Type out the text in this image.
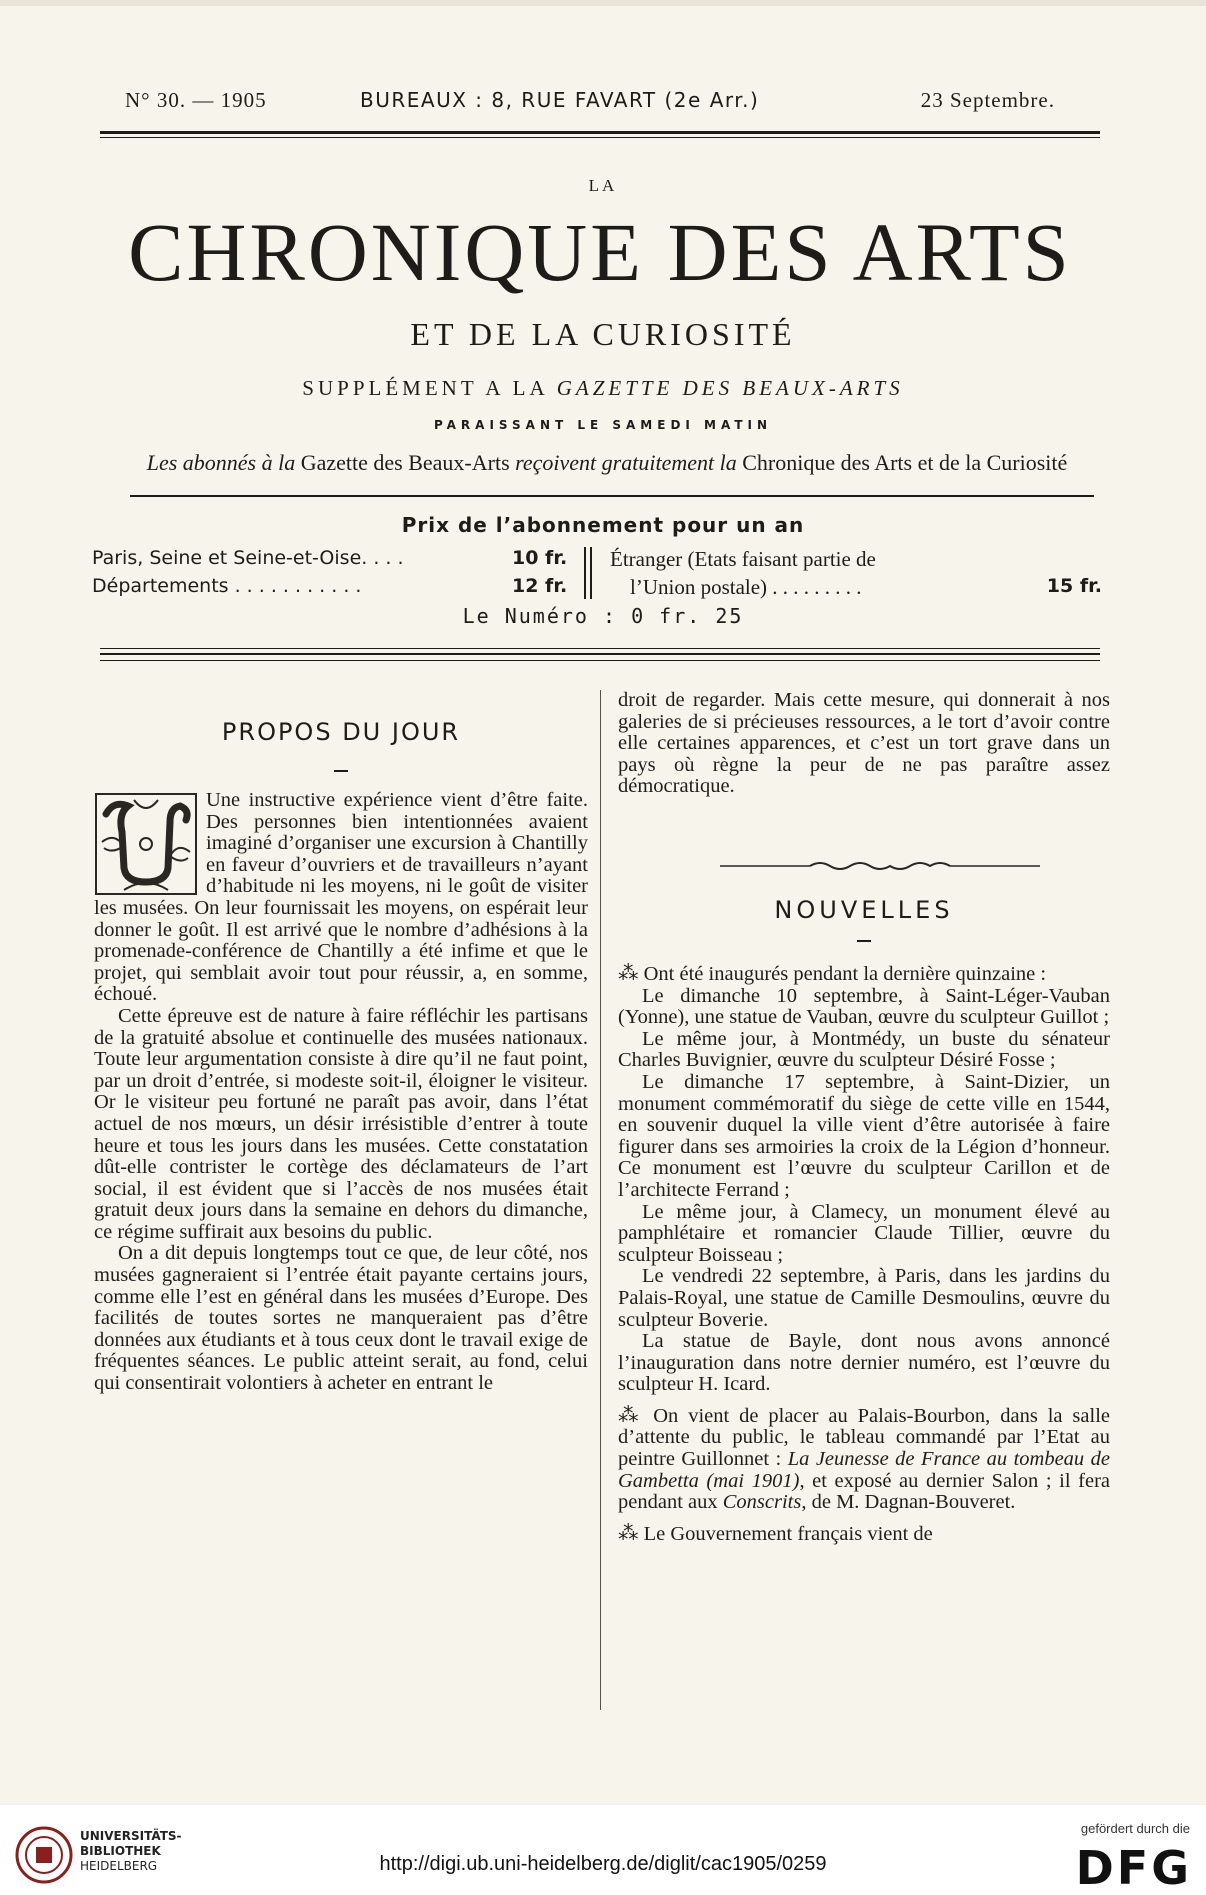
N° 30. — 1905	BUREAUX : 8, RUE FAVART (2e Arr.)	23 Septembre.
LA
CHRONIQUE DES ARTS
ET DE LA CURIOSITÉ
SUPPLÉMENT A LA GAZETTE DES BEAUX-ARTS
PARAISSANT LE SAMEDI MATIN
Les abonnés à la Gazette des Beaux-Arts reçoivent gratuitement la Chronique des Arts et de la Curiosité
Prix de l’abonnement pour un an
Paris, Seine et Seine-et-Oise. . . .	10 fr. Étranger (Etats faisant partie de
Départements . . . . . . . . . . .	12 fr.	l’Union postale) . . . . . . . . .	15 fr.
Le Numéro : 0 fr. 25
PROPOS DU JOUR

Une instructive expérience vient d’être faite. Des personnes bien intentionnées avaient imaginé d’organiser une excursion à Chantilly en faveur d’ouvriers et de travailleurs n’ayant d’habitude ni les moyens, ni le goût de visiter les musées. On leur fournissait les moyens, on espérait leur donner le goût. Il est arrivé que le nombre d’adhésions à la promenade-conférence de Chantilly a été infime et que le projet, qui semblait avoir tout pour réussir, a, en somme, échoué.

Cette épreuve est de nature à faire réfléchir les partisans de la gratuité absolue et continuelle des musées nationaux. Toute leur argumentation consiste à dire qu’il ne faut point, par un droit d’entrée, si modeste soit-il, éloigner le visiteur. Or le visiteur peu fortuné ne paraît pas avoir, dans l’état actuel de nos mœurs, un désir irrésistible d’entrer à toute heure et tous les jours dans les musées. Cette constatation dût-elle contrister le cortège des déclamateurs de l’art social, il est évident que si l’accès de nos musées était gratuit deux jours dans la semaine en dehors du dimanche, ce régime suffirait aux besoins du public.

On a dit depuis longtemps tout ce que, de leur côté, nos musées gagneraient si l’entrée était payante certains jours, comme elle l’est en général dans les musées d’Europe. Des facilités de toutes sortes ne manqueraient pas d’être données aux étudiants et à tous ceux dont le travail exige de fréquentes séances. Le public atteint serait, au fond, celui qui consentirait volontiers à acheter en entrant le

droit de regarder. Mais cette mesure, qui donnerait à nos galeries de si précieuses ressources, a le tort d’avoir contre elle certaines apparences, et c’est un tort grave dans un pays où règne la peur de ne pas paraître assez démocratique.

NOUVELLES

⁂ Ont été inaugurés pendant la dernière quinzaine :

Le dimanche 10 septembre, à Saint-Léger-Vauban (Yonne), une statue de Vauban, œuvre du sculpteur Guillot ;

Le même jour, à Montmédy, un buste du sénateur Charles Buvignier, œuvre du sculpteur Désiré Fosse ;

Le dimanche 17 septembre, à Saint-Dizier, un monument commémoratif du siège de cette ville en 1544, en souvenir duquel la ville vient d’être autorisée à faire figurer dans ses armoiries la croix de la Légion d’honneur. Ce monument est l’œuvre du sculpteur Carillon et de l’architecte Ferrand ;

Le même jour, à Clamecy, un monument élevé au pamphlétaire et romancier Claude Tillier, œuvre du sculpteur Boisseau ;

Le vendredi 22 septembre, à Paris, dans les jardins du Palais-Royal, une statue de Camille Desmoulins, œuvre du sculpteur Boverie.

La statue de Bayle, dont nous avons annoncé l’inauguration dans notre dernier numéro, est l’œuvre du sculpteur H. Icard.

⁂ On vient de placer au Palais-Bourbon, dans la salle d’attente du public, le tableau commandé par l’Etat au peintre Guillonnet : La Jeunesse de France au tombeau de Gambetta (mai 1901), et exposé au dernier Salon ; il fera pendant aux Conscrits, de M. Dagnan-Bouveret.

⁂ Le Gouvernement français vient de

UNIVERSITÄTS-
BIBLIOTHEK
HEIDELBERG	http://digi.ub.uni-heidelberg.de/diglit/cac1905/0259
gefördert durch die
DFG
